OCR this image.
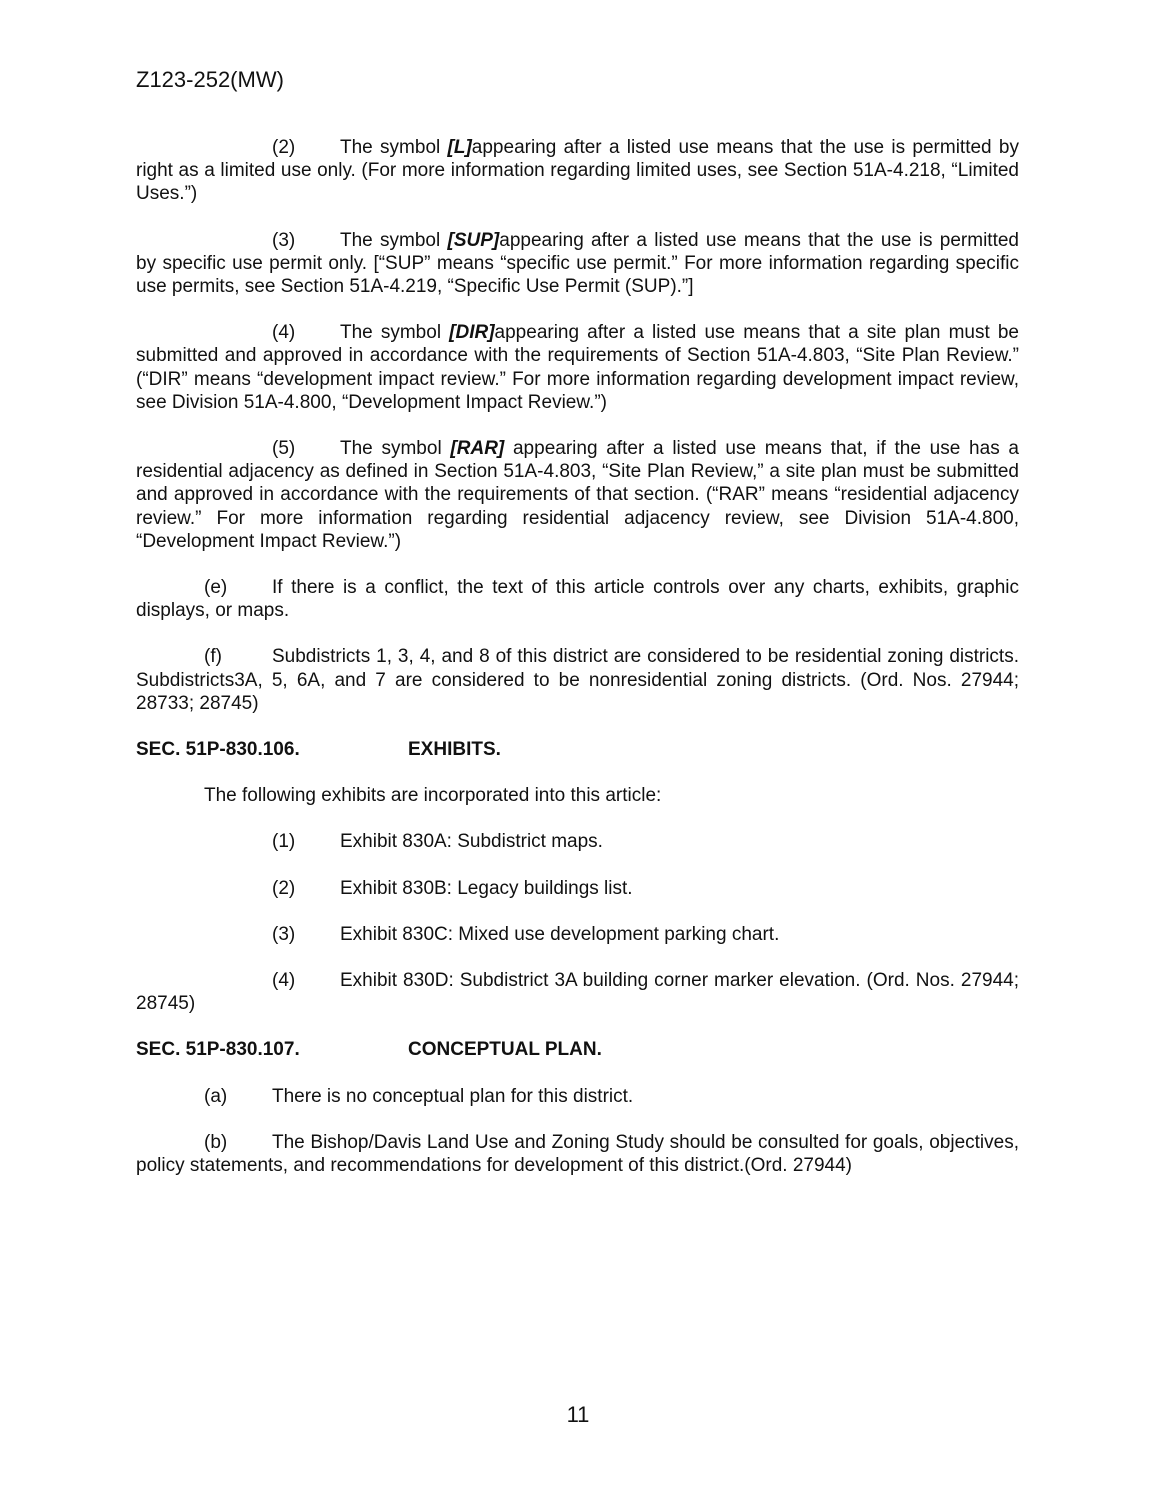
Z123-252(MW)

(2) The symbol [L]appearing after a listed use means that the use is permitted by right as a limited use only. (For more information regarding limited uses, see Section 51A-4.218, “Limited Uses.”)

(3) The symbol [SUP]appearing after a listed use means that the use is permitted by specific use permit only. [“SUP” means “specific use permit.” For more information regarding specific use permits, see Section 51A-4.219, “Specific Use Permit (SUP).”]

(4) The symbol [DIR]appearing after a listed use means that a site plan must be submitted and approved in accordance with the requirements of Section 51A-4.803, “Site Plan Review.” (“DIR” means “development impact review.” For more information regarding development impact review, see Division 51A-4.800, “Development Impact Review.”)

(5) The symbol [RAR] appearing after a listed use means that, if the use has a residential adjacency as defined in Section 51A-4.803, “Site Plan Review,” a site plan must be submitted and approved in accordance with the requirements of that section. (“RAR” means “residential adjacency review.” For more information regarding residential adjacency review, see Division 51A-4.800, “Development Impact Review.”)

(e) If there is a conflict, the text of this article controls over any charts, exhibits, graphic displays, or maps.

(f)	Subdistricts 1, 3, 4, and 8 of this district are considered to be residential zoning districts. Subdistricts3A, 5, 6A, and 7 are considered to be nonresidential zoning districts. (Ord. Nos. 27944; 28733; 28745)

SEC. 51P-830.106.	EXHIBITS.

The following exhibits are incorporated into this article:

(1) Exhibit 830A: Subdistrict maps.

(2) Exhibit 830B: Legacy buildings list.

(3) Exhibit 830C: Mixed use development parking chart.

(4) Exhibit 830D: Subdistrict 3A building corner marker elevation. (Ord. Nos. 27944; 28745)

SEC. 51P-830.107.	CONCEPTUAL PLAN.

(a) There is no conceptual plan for this district.

(b) The Bishop/Davis Land Use and Zoning Study should be consulted for goals, objectives, policy statements, and recommendations for development of this district.(Ord. 27944)

11
